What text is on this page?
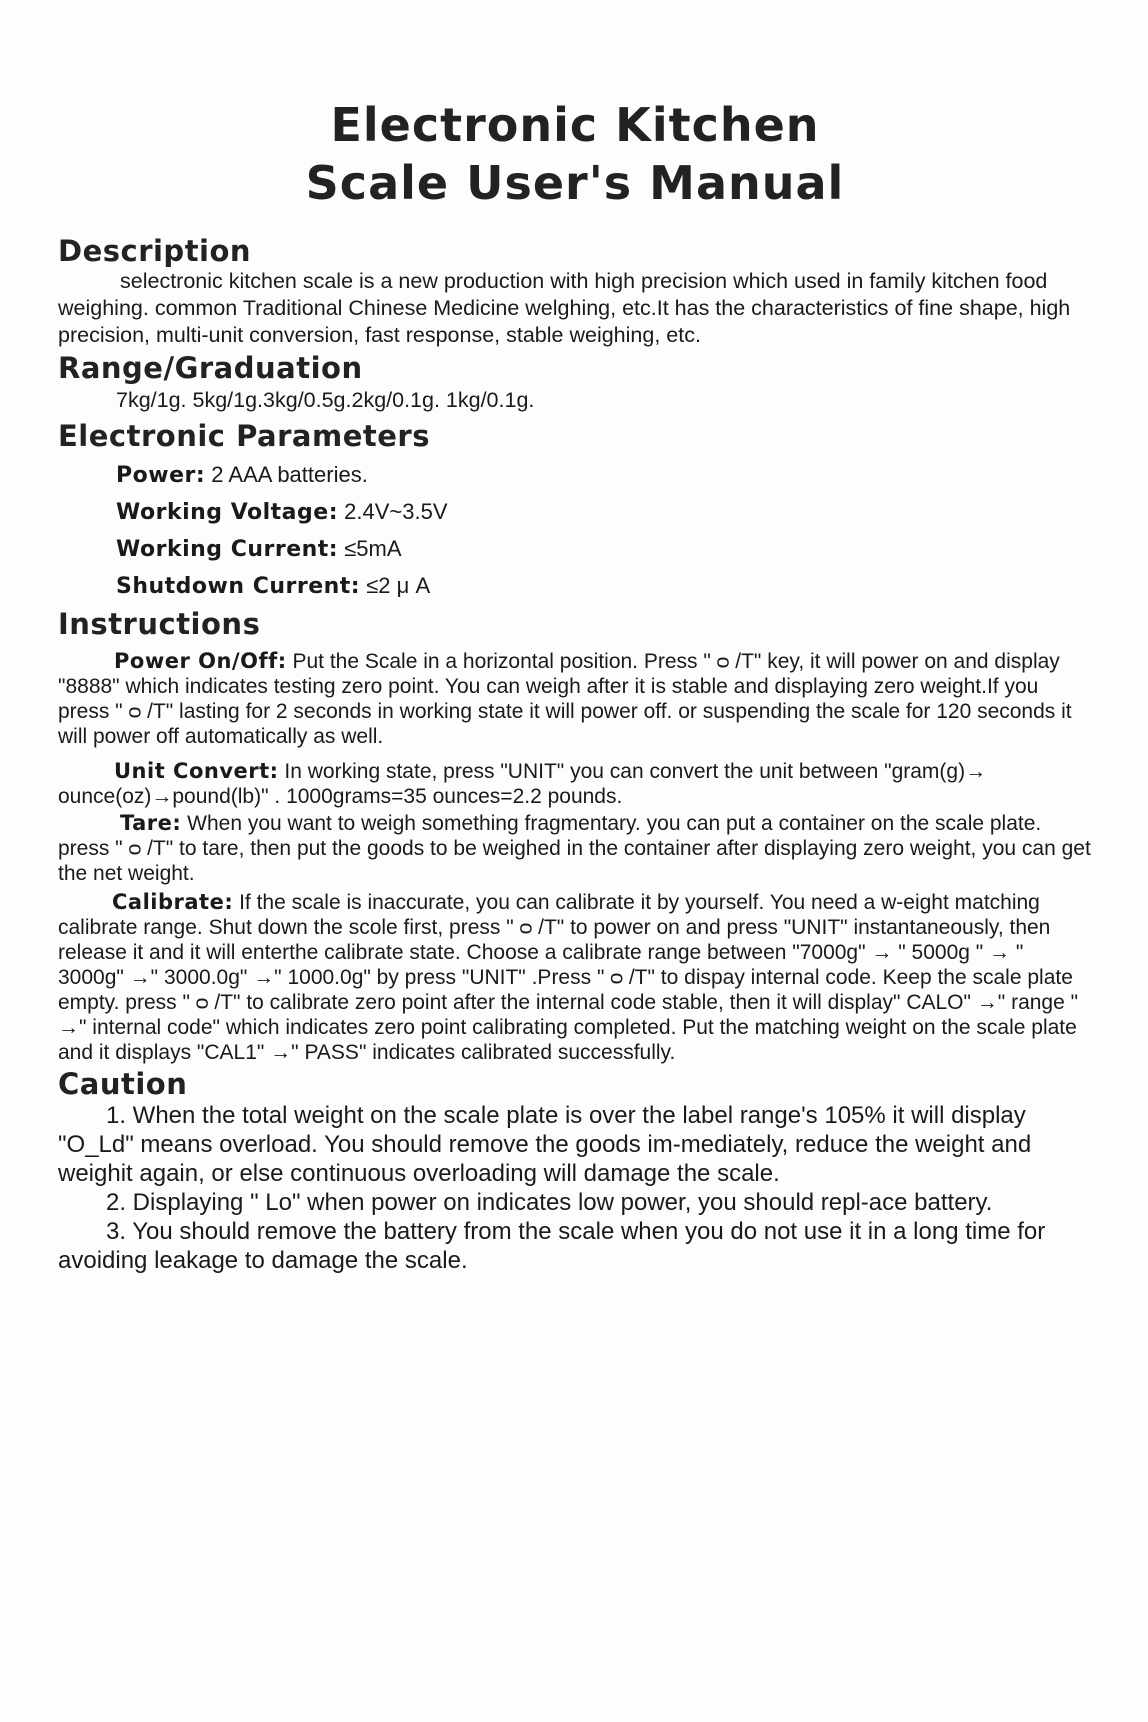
Electronic Kitchen
Scale User's Manual
Description

selectronic kitchen scale is a new production with high precision which used in family kitchen food weighing. common Traditional Chinese Medicine welghing, etc.It has the characteristics of fine shape, high precision, multi-unit conversion, fast response, stable weighing, etc.

Range/Graduation

7kg/1g. 5kg/1g.3kg/0.5g.2kg/0.1g. 1kg/0.1g.

Electronic Parameters
Power: 2 AAA batteries.
Working Voltage: 2.4V~3.5V
Working Current: ≤5mA
Shutdown Current: ≤2 μ A
Instructions

Power On/Off: Put the Scale in a horizontal position. Press " ᴑ /T" key, it will power on and display "8888" which indicates testing zero point. You can weigh after it is stable and displaying zero weight.If you press " ᴑ /T" lasting for 2 seconds in working state it will power off. or suspending the scale for 120 seconds it will power off automatically as well.

Unit Convert: In working state, press "UNIT" you can convert the unit between "gram(g)→ ounce(oz)→pound(lb)" . 1000grams=35 ounces=2.2 pounds.

Tare: When you want to weigh something fragmentary. you can put a container on the scale plate. press " ᴑ /T" to tare, then put the goods to be weighed in the container after displaying zero weight, you can get the net weight.

Calibrate: If the scale is inaccurate, you can calibrate it by yourself. You need a w-eight matching calibrate range. Shut down the scole first, press " ᴑ /T" to power on and press "UNIT" instantaneously, then release it and it will enterthe calibrate state. Choose a calibrate range between "7000g" → " 5000g " → " 3000g" →" 3000.0g" →" 1000.0g" by press "UNIT" .Press " ᴑ /T" to dispay internal code. Keep the scale plate empty. press " ᴑ /T" to calibrate zero point after the internal code stable, then it will display" CALO" →" range " →" internal code" which indicates zero point calibrating completed. Put the matching weight on the scale plate and it displays "CAL1" →" PASS" indicates calibrated successfully.

Caution

1. When the total weight on the scale plate is over the label range's 105% it will display "O_Ld" means overload. You should remove the goods im-mediately, reduce the weight and weighit again, or else continuous overloading will damage the scale.

2. Displaying " Lo" when power on indicates low power, you should repl-ace battery.

3. You should remove the battery from the scale when you do not use it in a long time for avoiding leakage to damage the scale.
